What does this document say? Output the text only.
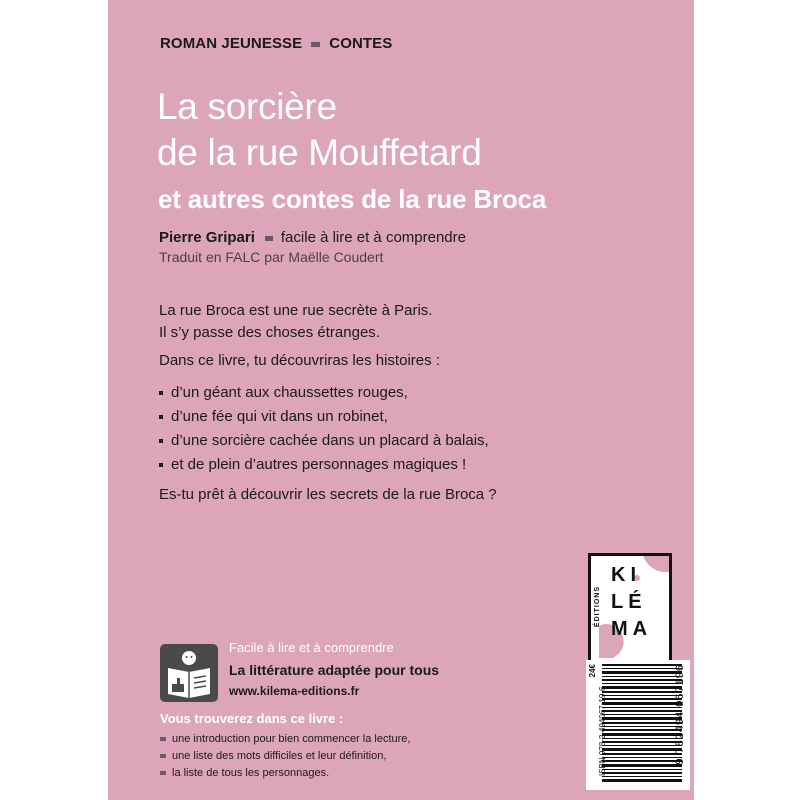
ROMAN JEUNESSE CONTES
La sorcière
de la rue Mouffetard
et autres contes de la rue Broca
Pierre Gripari facile à lire et à comprendre
Traduit en FALC par Maëlle Coudert

La rue Broca est une rue secrète à Paris.

Il s’y passe des choses étranges.

Dans ce livre, tu découvriras les histoires :

d’un géant aux chaussettes rouges,
d’une fée qui vit dans un robinet,
d’une sorcière cachée dans un placard à balais,
et de plein d’autres personnages magiques !

Es-tu prêt à découvrir les secrets de la rue Broca ?

ÉDITIONS
KI
LÉ
MA
Facile à lire et à comprendre
La littérature adaptée pour tous
www.kilema-editions.fr
Vous trouverez dans ce livre :
une introduction pour bien commencer la lecture,
une liste des mots difficiles et leur définition,
la liste de tous les personnages.
24€
ISBN 978-2-494067-19-6	9 782494 067196
